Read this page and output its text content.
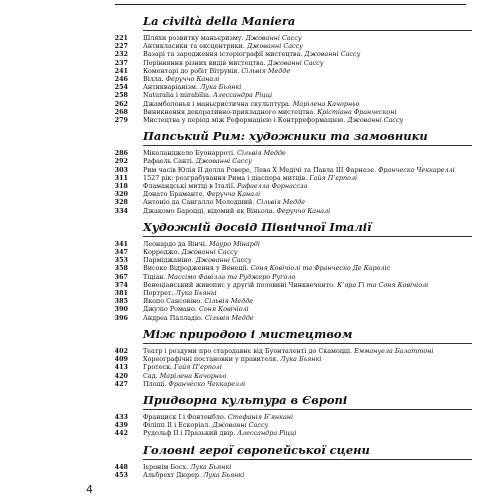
La civiltà della Maniera
221 Шляхи розвитку маньєризму. Джованні Сассу
227 Антикласики та ексцентрики. Джованні Сассу
232 Вазарі та зародження історіографії мистецтва. Джованні Сассу
237 Порівняння різних видів мистецтва. Джованні Сассу
241 Коментарі до робіт Вітрувія. Сільвія Медде
246 Вілла. Феруччо Каналі
254 Антикваріанізм. Лука Бьянкі
258 Naturalia i mirabilia. Алессандра Ріцці
262 Джамболонья і маньєристична скульптура. Марілена Качорньо
268 Виникнення декоративно-прикладного мистецтва. Крістіана Франческоні
279 Мистецтва у період між Реформацією і Контрреформацією. Джованні Сассу
Папський Рим: художники та замовники
286 Мікеланджело Буонарроті. Сільвія Медде
292 Рафаель Санті. Джованні Сассу
303 Рим часів Юлія ІІ делла Ровере, Лева Х Медічі та Павла ІІІ Фарнезе. Франческо Чеккареллі
311 1527 рік: розграбування Рима і діаспора митців. Гайя Пʼєрполі
318 Фламандські митці в Італії. Рафаелла Форнассза
320 Донато Браманте. Феруччо Каналі
328 Антоніо да Сангалло Молодший. Сільвія Медде
334 Джакомо Бароцці, відомий як Віньола. Феруччо Каналі
Художній досвід Північної Італії
341 Леонардо да Вінчі. Мауро Мінарді
347 Корреджо. Джованні Сассу
353 Парміджаніно. Джованні Сассу
358 Високе Відродження у Венеції. Соня Ковічіолі та Франческо Де Кароліс
367 Тіціан. Массімо Фавілла та Руджеро Руґоло
374 Венеціанський живопис у другій половині Чинквеченто. Кʼяра Гі та Соня Ковічіолі
381 Портрет. Лука Бьянкі
385 Якопо Сансовіно. Сільвія Медде
390 Джуліо Романо. Соня Ковічіолі
396 Андреа Палладіо. Сільвія Медде
Між природою і мистецтвом
402 Театр і роздуми про стародавнє від Буонталенті до Скамоцці. Еммануела Балаттоні
409 Хореографічні постановки у правителя. Лука Бьянкі
413 Гротеск. Гайя Пʼєрполі
420 Сад. Марілена Качорньо
427 Площі. Франческо Чеккареллі
Придворна культура в Європі
433 Франциск І і Фонтенбло. Стефанія Бʼянкані
439 Філіпп ІІ і Ескоріал. Джованні Сассу
442 Рудольф ІІ і Празький двір. Алессандра Ріцці
Головні герої європейської сцени
448 Ієронім Босх. Лука Бьянкі
453 Альбрехт Дюрер. Лука Бьянкі
4
